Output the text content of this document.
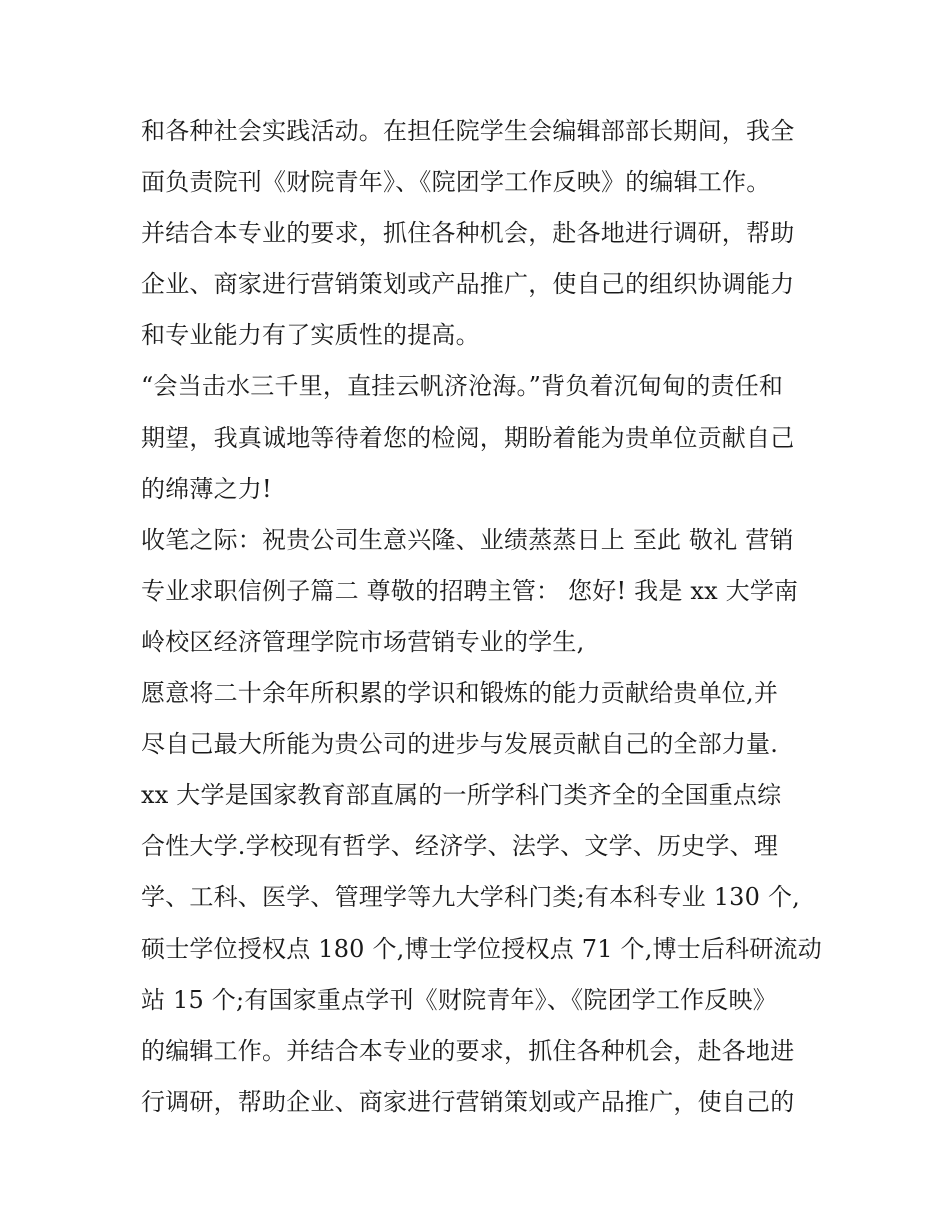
和各种社会实践活动。在担任院学生会编辑部部长期间，我全
面负责院刊《财院青年》、《院团学工作反映》的编辑工作。
并结合本专业的要求，抓住各种机会，赴各地进行调研，帮助
企业、商家进行营销策划或产品推广，使自己的组织协调能力
和专业能力有了实质性的提高。
“会当击水三千里，直挂云帆济沧海。”背负着沉甸甸的责任和
期望，我真诚地等待着您的检阅，期盼着能为贵单位贡献自己
的绵薄之力!
收笔之际：祝贵公司生意兴隆、业绩蒸蒸日上 至此 敬礼 营销
专业求职信例子篇二 尊敬的招聘主管： 您好! 我是 xx 大学南
岭校区经济管理学院市场营销专业的学生,
愿意将二十余年所积累的学识和锻炼的能力贡献给贵单位,并
尽自己最大所能为贵公司的进步与发展贡献自己的全部力量.
xx 大学是国家教育部直属的一所学科门类齐全的全国重点综
合性大学.学校现有哲学、经济学、法学、文学、历史学、理
学、工科、医学、管理学等九大学科门类;有本科专业 130 个,
硕士学位授权点 180 个,博士学位授权点 71 个,博士后科研流动
站 15 个;有国家重点学刊《财院青年》、《院团学工作反映》
的编辑工作。并结合本专业的要求，抓住各种机会，赴各地进
行调研，帮助企业、商家进行营销策划或产品推广，使自己的
